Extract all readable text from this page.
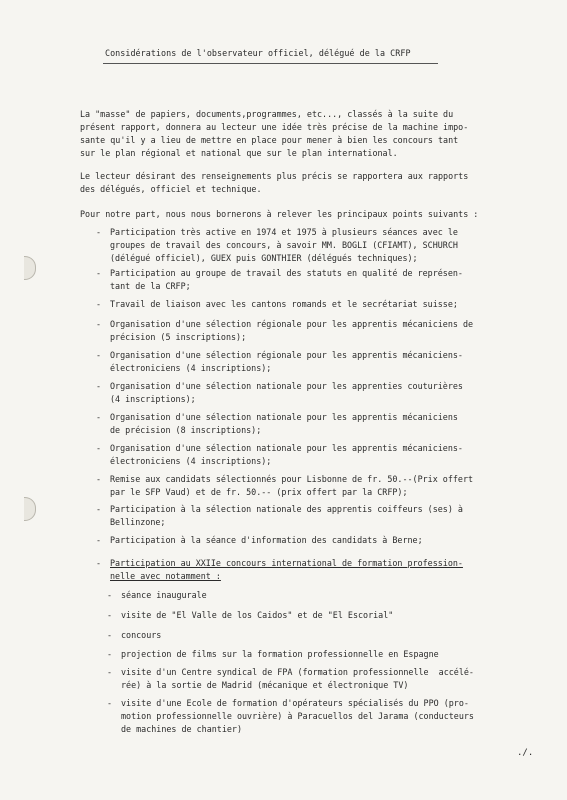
Considérations de l'observateur officiel, délégué de la CRFP
La "masse" de papiers, documents,programmes, etc..., classés à la suite du
présent rapport, donnera au lecteur une idée très précise de la machine impo-
sante qu'il y a lieu de mettre en place pour mener à bien les concours tant
sur le plan régional et national que sur le plan international.
Le lecteur désirant des renseignements plus précis se rapportera aux rapports
des délégués, officiel et technique.
Pour notre part, nous nous bornerons à relever les principaux points suivants :
- Participation très active en 1974 et 1975 à plusieurs séances avec le
groupes de travail des concours, à savoir MM. BOGLI (CFIAMT), SCHURCH
(délégué officiel), GUEX puis GONTHIER (délégués techniques);
- Participation au groupe de travail des statuts en qualité de représen-
tant de la CRFP;
- Travail de liaison avec les cantons romands et le secrétariat suisse;
- Organisation d'une sélection régionale pour les apprentis mécaniciens de
précision (5 inscriptions);
- Organisation d'une sélection régionale pour les apprentis mécaniciens-
électroniciens (4 inscriptions);
- Organisation d'une sélection nationale pour les apprenties couturières
(4 inscriptions);
- Organisation d'une sélection nationale pour les apprentis mécaniciens
de précision (8 inscriptions);
- Organisation d'une sélection nationale pour les apprentis mécaniciens-
électroniciens (4 inscriptions);
- Remise aux candidats sélectionnés pour Lisbonne de fr. 50.--(Prix offert
par le SFP Vaud) et de fr. 50.-- (prix offert par la CRFP);
- Participation à la sélection nationale des apprentis coiffeurs (ses) à
Bellinzone;
- Participation à la séance d'information des candidats à Berne;
- Participation au XXIIe concours international de formation profession-
nelle avec notamment :
- séance inaugurale
- visite de "El Valle de los Caidos" et de "El Escorial"
- concours
- projection de films sur la formation professionnelle en Espagne
- visite d'un Centre syndical de FPA (formation professionnelle  accélé-
rée) à la sortie de Madrid (mécanique et électronique TV)
- visite d'une Ecole de formation d'opérateurs spécialisés du PPO (pro-
motion professionnelle ouvrière) à Paracuellos del Jarama (conducteurs
de machines de chantier)
./.
